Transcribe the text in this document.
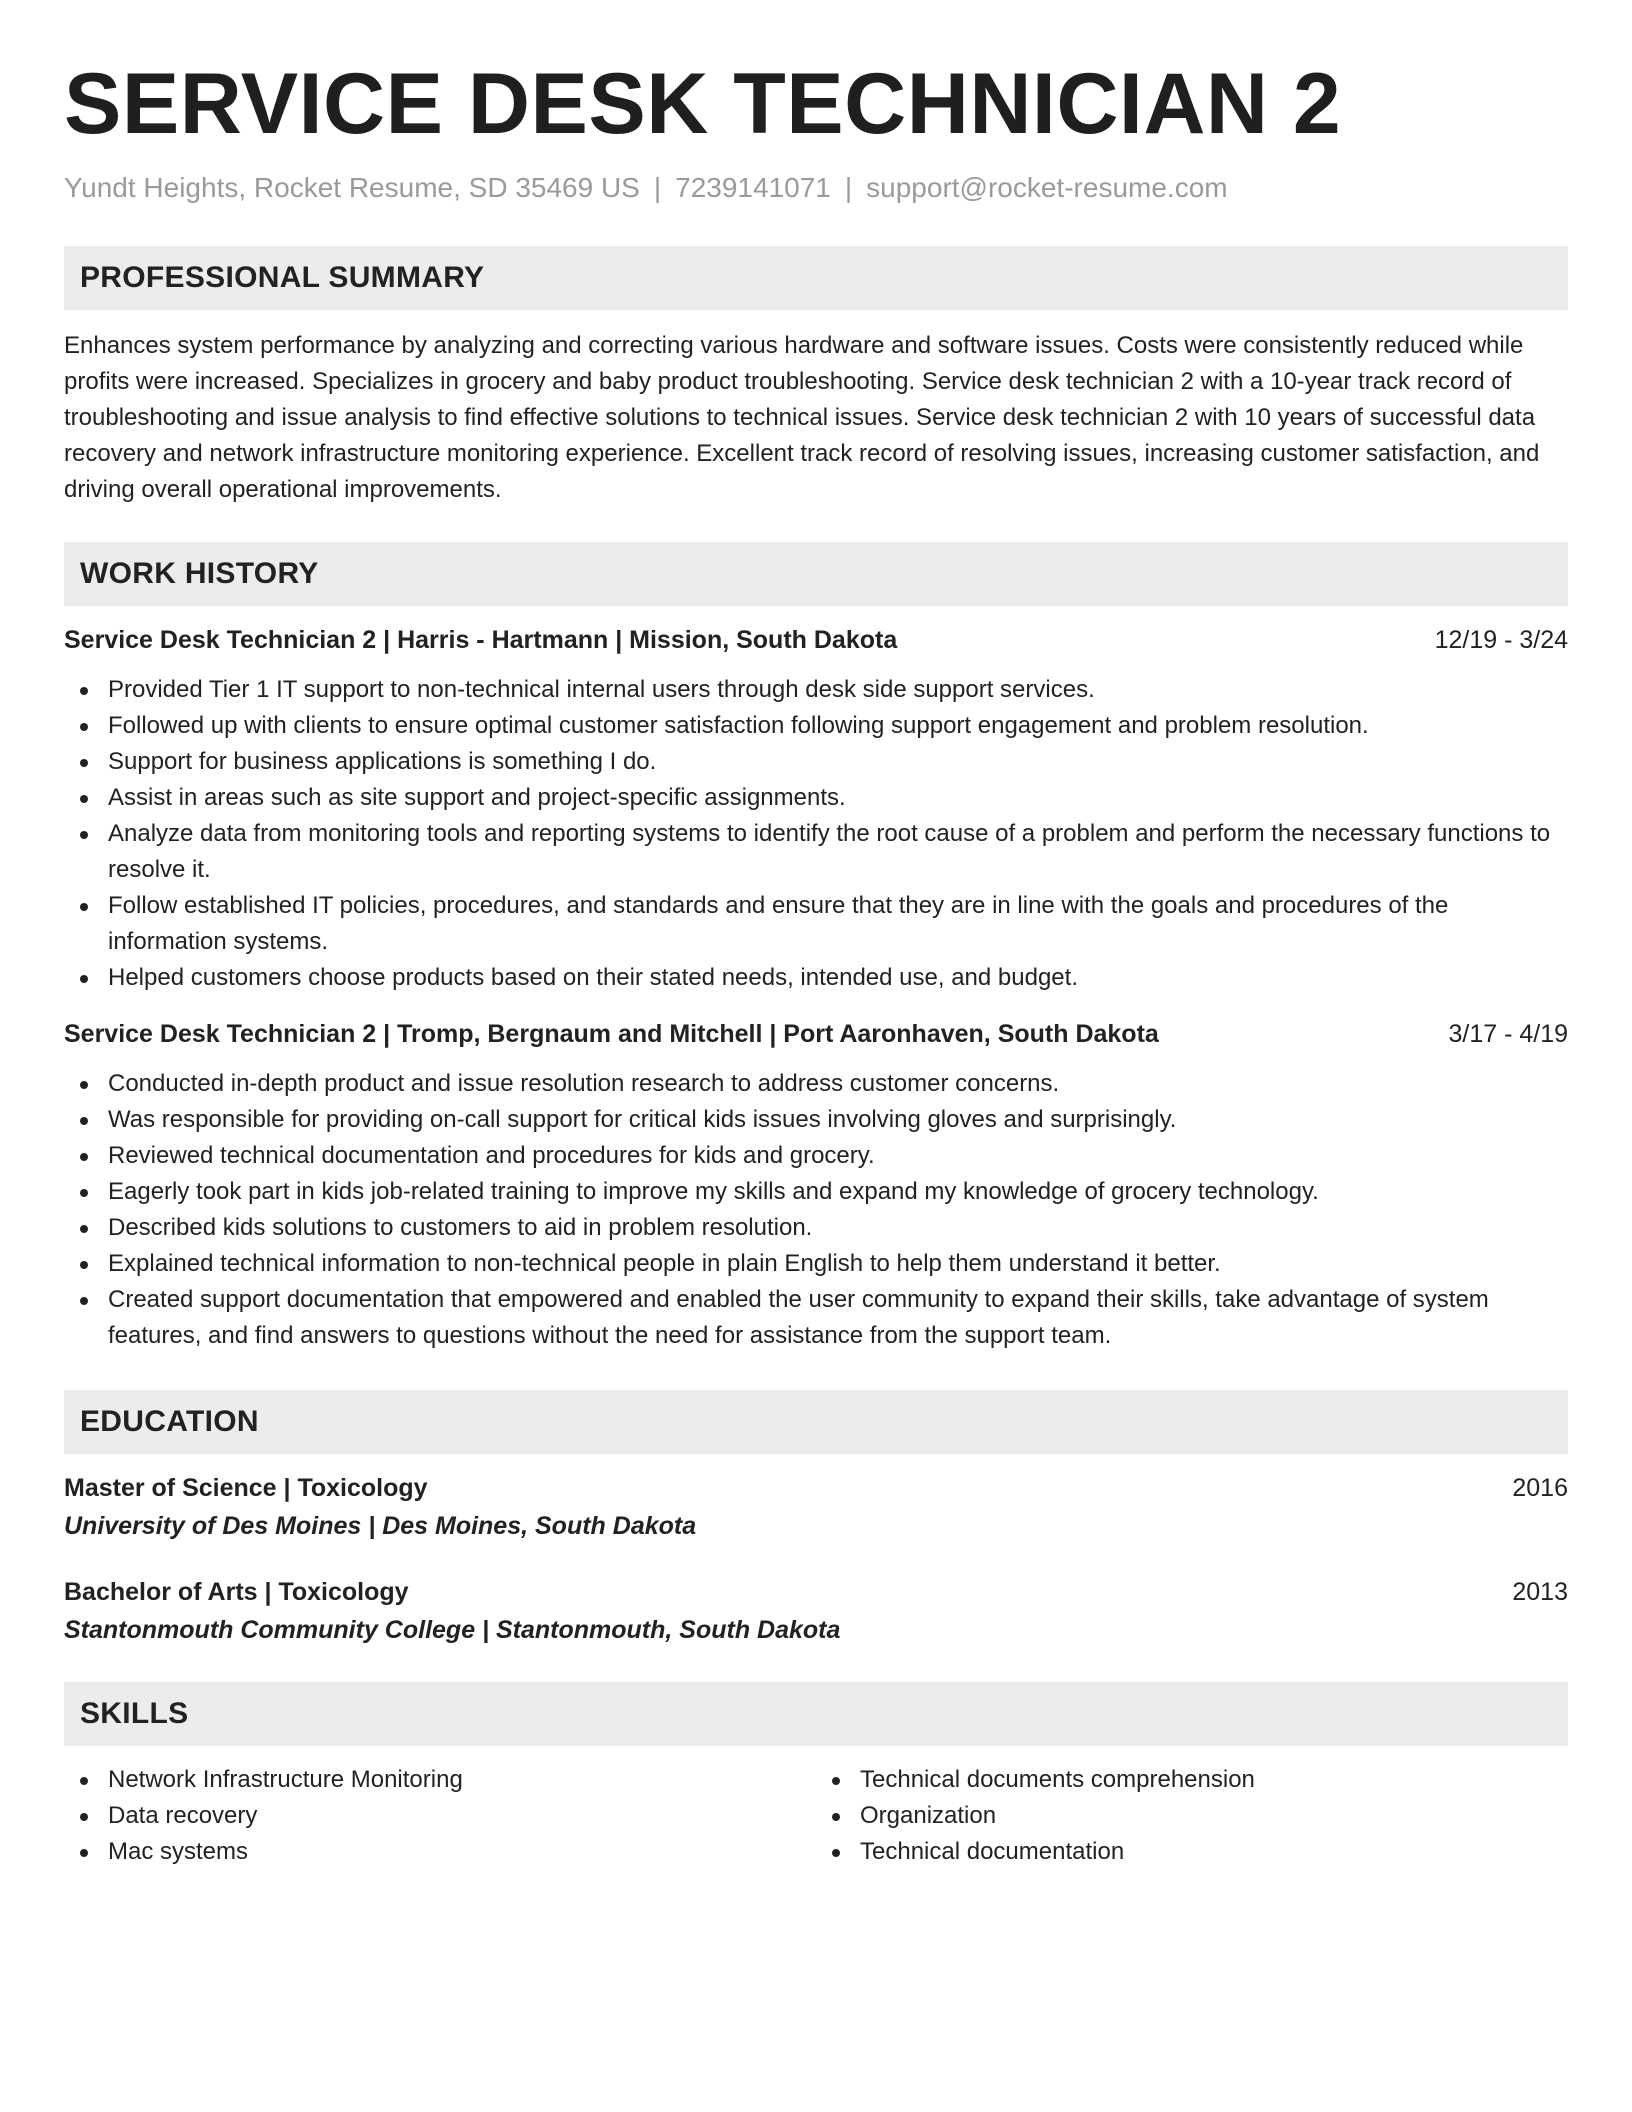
SERVICE DESK TECHNICIAN 2
Yundt Heights, Rocket Resume, SD 35469 US | 7239141071 | support@rocket-resume.com
PROFESSIONAL SUMMARY
Enhances system performance by analyzing and correcting various hardware and software issues. Costs were consistently reduced while profits were increased. Specializes in grocery and baby product troubleshooting. Service desk technician 2 with a 10-year track record of troubleshooting and issue analysis to find effective solutions to technical issues. Service desk technician 2 with 10 years of successful data recovery and network infrastructure monitoring experience. Excellent track record of resolving issues, increasing customer satisfaction, and driving overall operational improvements.
WORK HISTORY
Service Desk Technician 2 | Harris - Hartmann | Mission, South Dakota	12/19 - 3/24
Provided Tier 1 IT support to non-technical internal users through desk side support services.
Followed up with clients to ensure optimal customer satisfaction following support engagement and problem resolution.
Support for business applications is something I do.
Assist in areas such as site support and project-specific assignments.
Analyze data from monitoring tools and reporting systems to identify the root cause of a problem and perform the necessary functions to resolve it.
Follow established IT policies, procedures, and standards and ensure that they are in line with the goals and procedures of the information systems.
Helped customers choose products based on their stated needs, intended use, and budget.
Service Desk Technician 2 | Tromp, Bergnaum and Mitchell | Port Aaronhaven, South Dakota	3/17 - 4/19
Conducted in-depth product and issue resolution research to address customer concerns.
Was responsible for providing on-call support for critical kids issues involving gloves and surprisingly.
Reviewed technical documentation and procedures for kids and grocery.
Eagerly took part in kids job-related training to improve my skills and expand my knowledge of grocery technology.
Described kids solutions to customers to aid in problem resolution.
Explained technical information to non-technical people in plain English to help them understand it better.
Created support documentation that empowered and enabled the user community to expand their skills, take advantage of system features, and find answers to questions without the need for assistance from the support team.
EDUCATION
Master of Science | Toxicology	2016
University of Des Moines | Des Moines, South Dakota
Bachelor of Arts | Toxicology	2013
Stantonmouth Community College | Stantonmouth, South Dakota
SKILLS
Network Infrastructure Monitoring
Data recovery
Mac systems
Technical documents comprehension
Organization
Technical documentation
